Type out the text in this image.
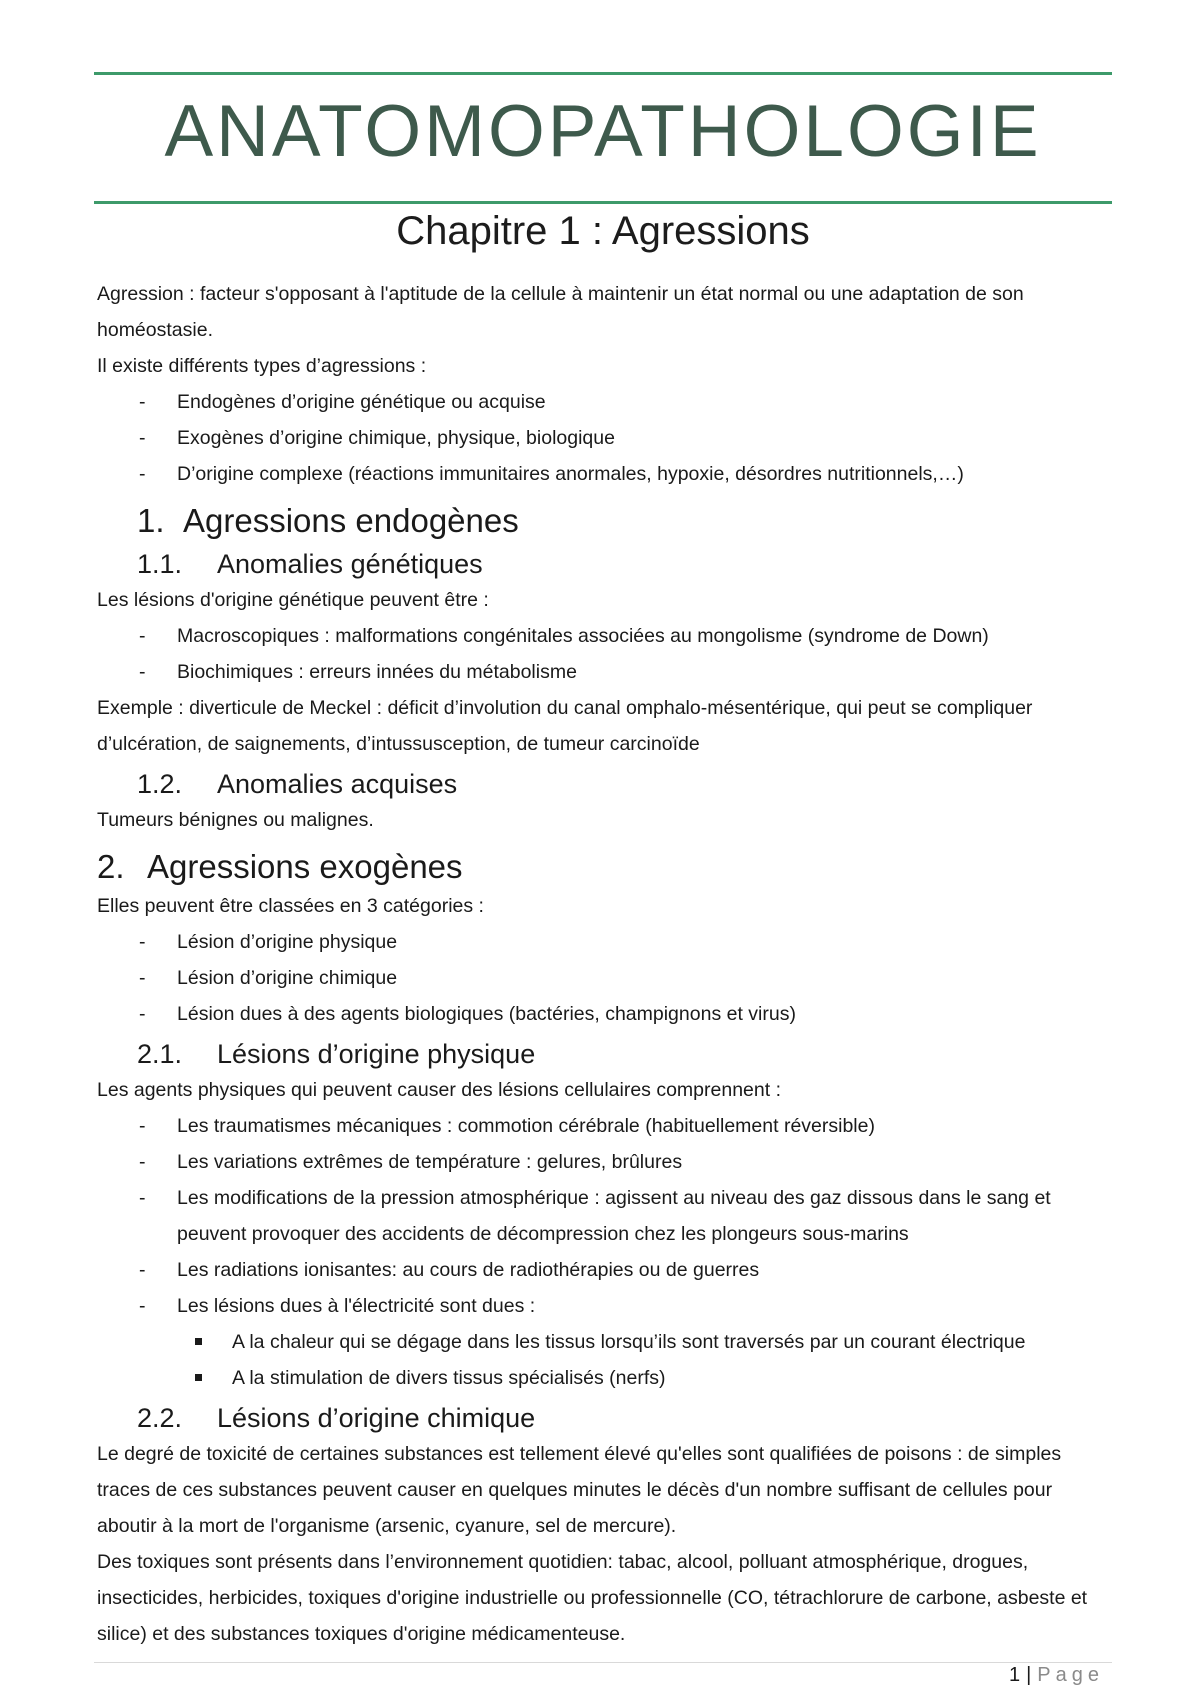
ANATOMOPATHOLOGIE
Chapitre 1 : Agressions

Agression : facteur s'opposant à l'aptitude de la cellule à maintenir un état normal ou une adaptation de son homéostasie.

Il existe différents types d’agressions :

- Endogènes d’origine génétique ou acquise
- Exogènes d’origine chimique, physique, biologique
- D’origine complexe (réactions immunitaires anormales, hypoxie, désordres nutritionnels,…)
1. Agressions endogènes
1.1. Anomalies génétiques

Les lésions d'origine génétique peuvent être :

- Macroscopiques : malformations congénitales associées au mongolisme (syndrome de Down)
- Biochimiques : erreurs innées du métabolisme

Exemple : diverticule de Meckel : déficit d’involution du canal omphalo-mésentérique, qui peut se compliquer d’ulcération, de saignements, d’intussusception, de tumeur carcinoïde

1.2. Anomalies acquises

Tumeurs bénignes ou malignes.

2. Agressions exogènes

Elles peuvent être classées en 3 catégories :

- Lésion d’origine physique
- Lésion d’origine chimique
- Lésion dues à des agents biologiques (bactéries, champignons et virus)
2.1. Lésions d’origine physique

Les agents physiques qui peuvent causer des lésions cellulaires comprennent :

- Les traumatismes mécaniques : commotion cérébrale (habituellement réversible)
- Les variations extrêmes de température : gelures, brûlures
- Les modifications de la pression atmosphérique : agissent au niveau des gaz dissous dans le sang et peuvent provoquer des accidents de décompression chez les plongeurs sous-marins
- Les radiations ionisantes: au cours de radiothérapies ou de guerres
- Les lésions dues à l'électricité sont dues :
A la chaleur qui se dégage dans les tissus lorsqu’ils sont traversés par un courant électrique
A la stimulation de divers tissus spécialisés (nerfs)
2.2. Lésions d’origine chimique

Le degré de toxicité de certaines substances est tellement élevé qu'elles sont qualifiées de poisons : de simples traces de ces substances peuvent causer en quelques minutes le décès d'un nombre suffisant de cellules pour aboutir à la mort de l'organisme (arsenic, cyanure, sel de mercure).

Des toxiques sont présents dans l’environnement quotidien: tabac, alcool, polluant atmosphérique, drogues, insecticides, herbicides, toxiques d'origine industrielle ou professionnelle (CO, tétrachlorure de carbone, asbeste et silice) et des substances toxiques d'origine médicamenteuse.

1 | Page
